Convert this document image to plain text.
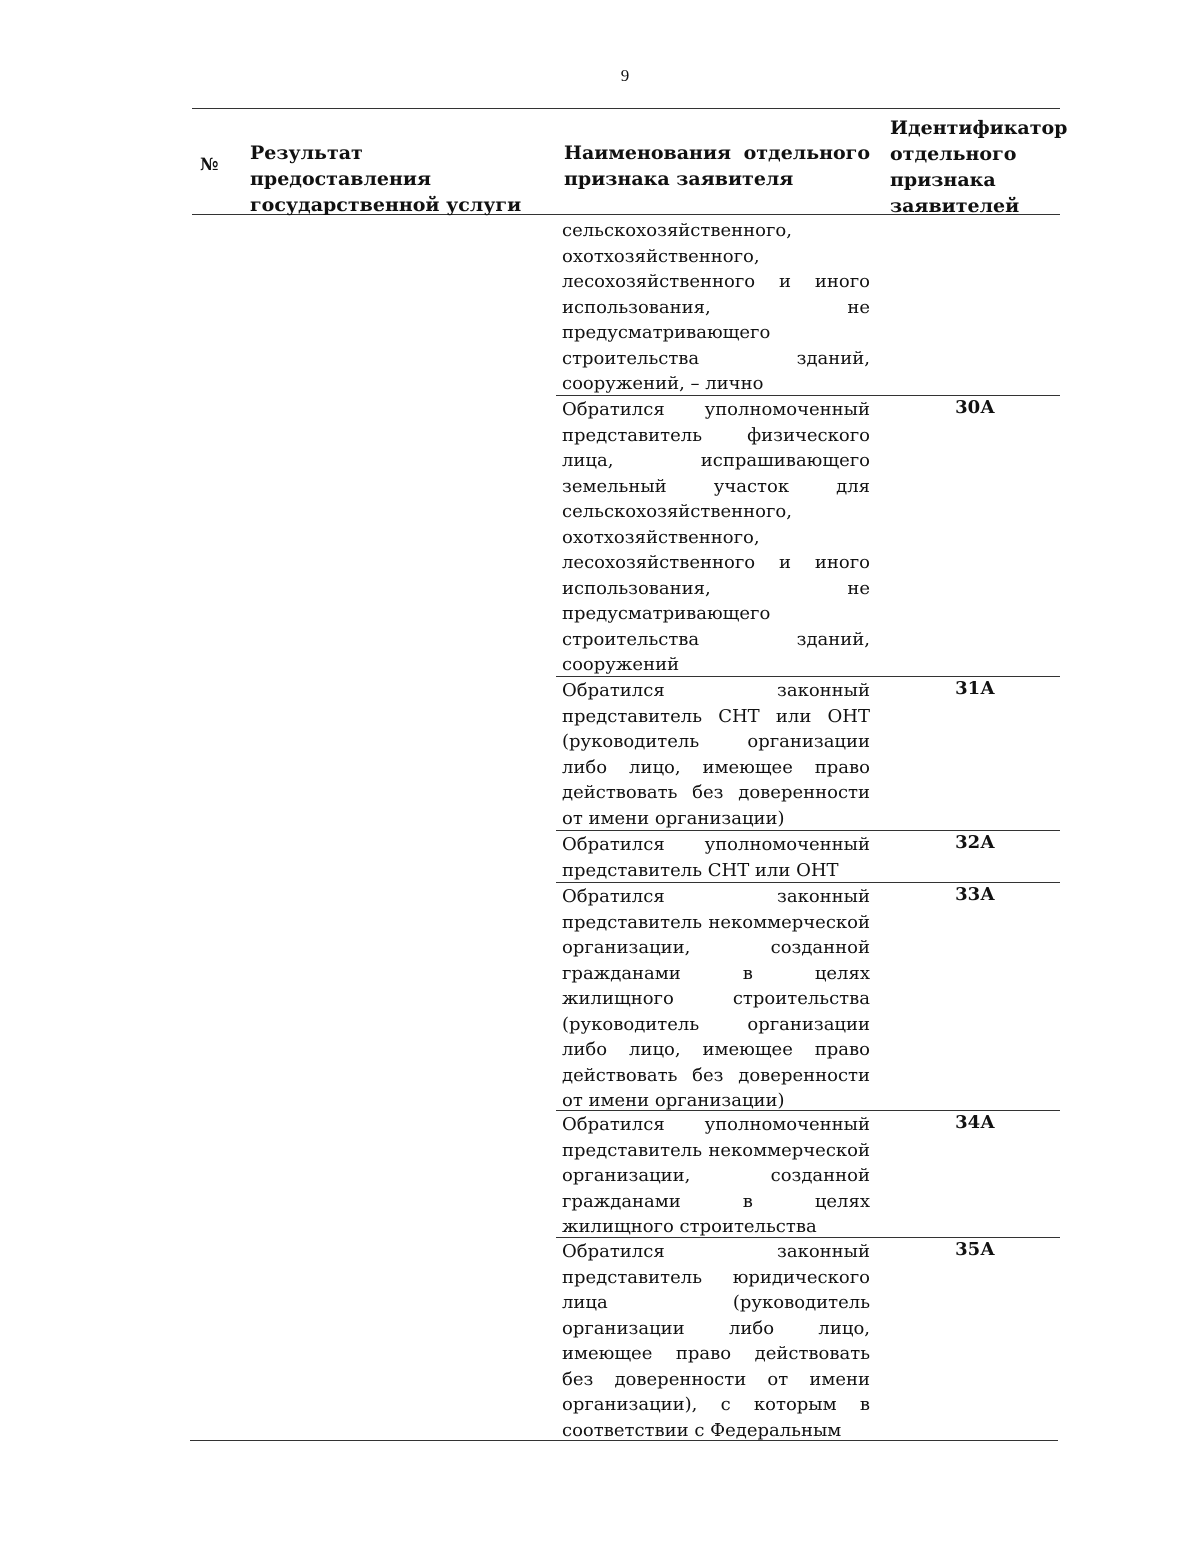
9
№
Результат предоставления государственной услуги
Наименования отдельного признака заявителя
Идентификатор отдельного признака заявителей
сельскохозяйственного, охотхозяйственного, лесохозяйственного и иного использования, не предусматривающего строительства зданий, сооружений, – лично
Обратился уполномоченный представитель физического лица, испрашивающего земельный участок для сельскохозяйственного, охотхозяйственного, лесохозяйственного и иного использования, не предусматривающего строительства зданий, сооружений
30А
Обратился законный представитель СНТ или ОНТ (руководитель организации либо лицо, имеющее право действовать без доверенности от имени организации)
31А
Обратился уполномоченный представитель СНТ или ОНТ
32А
Обратился законный представитель некоммерческой организации, созданной гражданами в целях жилищного строительства (руководитель организации либо лицо, имеющее право действовать без доверенности от имени организации)
33А
Обратился уполномоченный представитель некоммерческой организации, созданной гражданами в целях жилищного строительства
34А
Обратился законный представитель юридического лица (руководитель организации либо лицо, имеющее право действовать без доверенности от имени организации), с которым в соответствии с Федеральным
35А
